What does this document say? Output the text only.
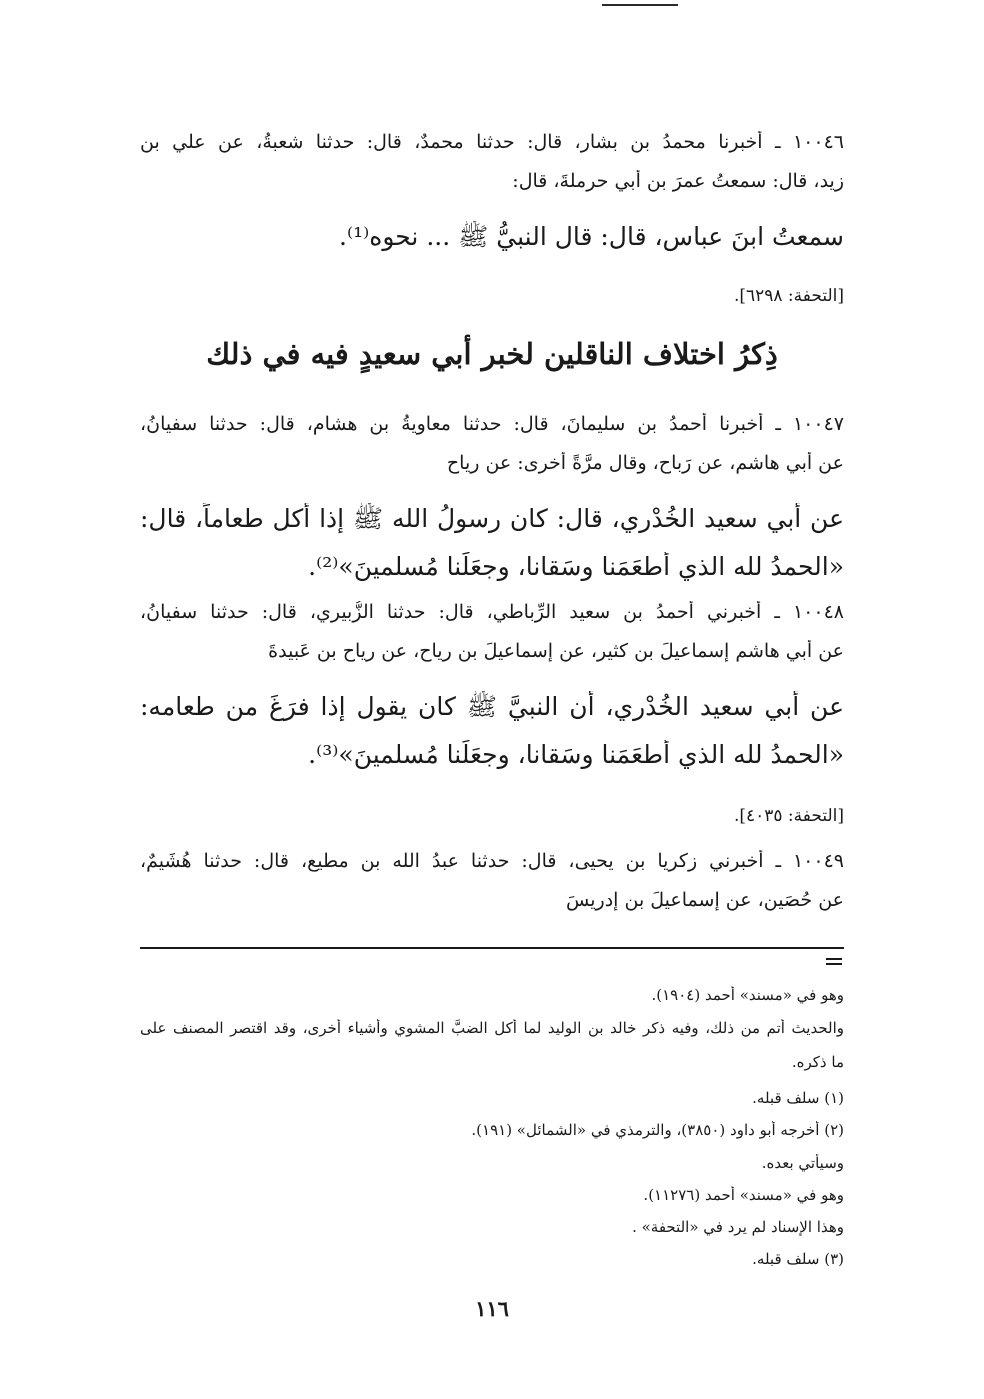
١٠٠٤٦ ـ أخبرنا محمدُ بن بشار، قال: حدثنا محمدٌ، قال: حدثنا شعبةُ، عن علي بن
زيد، قال: سمعتُ عمرَ بن أبي حرملةَ، قال:
سمعتُ ابنَ عباس، قال: قال النبيُّ ﷺ ... نحوه⁽¹⁾.
[التحفة: ٦٢٩٨].
ذِكرُ اختلاف الناقلين لخبر أبي سعيدٍ فيه في ذلك
١٠٠٤٧ ـ أخبرنا أحمدُ بن سليمانَ، قال: حدثنا معاويةُ بن هشام، قال: حدثنا سفيانُ،
عن أبي هاشم، عن رَباح، وقال مرَّةً أُخرى: عن رِياح
عن أبي سعيد الخُدْري، قال: كان رسولُ الله ﷺ إذا أكل طعاماً، قال:
«الحمدُ لله الذي أطعَمَنا وسَقانا، وجعَلَنا مُسلمينَ»⁽²⁾.
١٠٠٤٨ ـ أخبرني أحمدُ بن سعيد الرِّباطي، قال: حدثنا الزُّبيري، قال: حدثنا سفيانُ،
عن أبي هاشم إسماعيلَ بن كثير، عن إسماعيلَ بن رياح، عن رِياح بن عَبيدةَ
عن أبي سعيد الخُدْري، أن النبيَّ ﷺ كان يقول إذا فرَغَ من طعامه:
«الحمدُ لله الذي أطعَمَنا وسَقانا، وجعَلَنا مُسلمينَ»⁽³⁾.
[التحفة: ٤٠٣٥].
١٠٠٤٩ ـ أخبرني زكريا بن يحيى، قال: حدثنا عبدُ الله بن مطيع، قال: حدثنا هُشَيمٌ،
عن حُصَين، عن إسماعيلَ بن إدريسَ
وهو في «مسند» أحمد (١٩٠٤).
والحديث أتم من ذلك، وفيه ذكر خالد بن الوليد لما أكل الضبَّ المشوي وأشياء أُخرى، وقد اقتصر المصنف على
ما ذكره.
(١) سلف قبله.
(٢) أخرجه أبو داود (٣٨٥٠)، والترمذي في «الشمائل» (١٩١).
وسيأتي بعده.
وهو في «مسند» أحمد (١١٢٧٦).
وهذا الإسناد لم يرد في «التحفة» .
(٣) سلف قبله.
١١٦
